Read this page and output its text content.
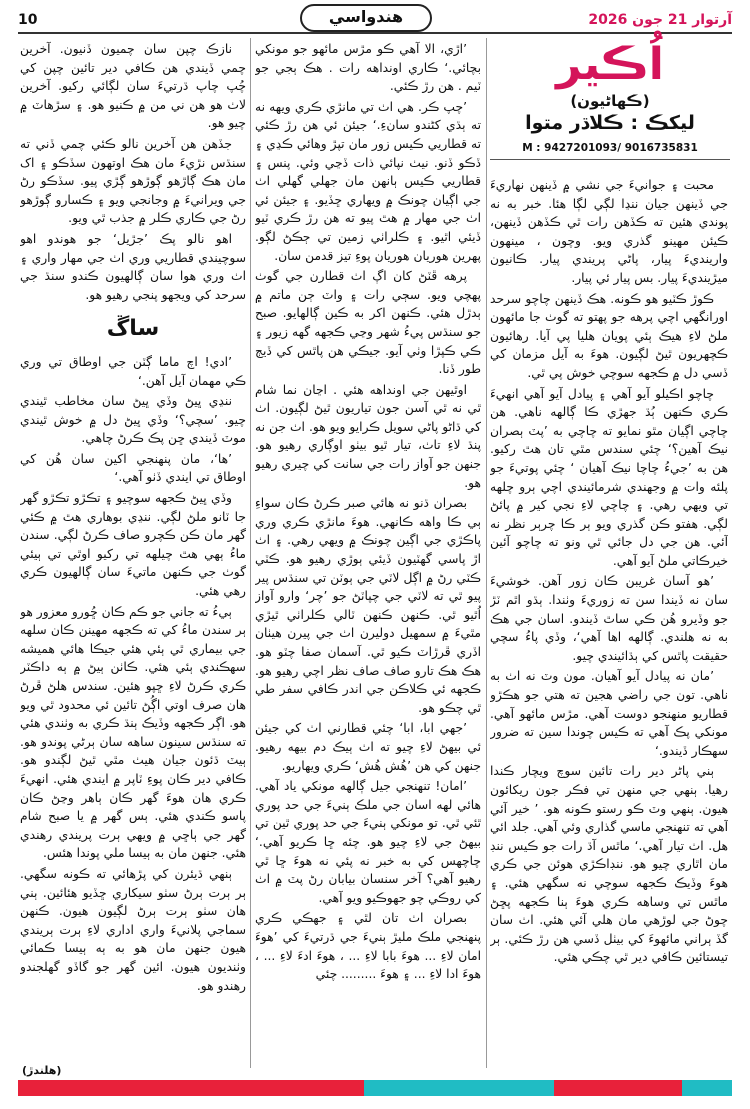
10	هندواسي	آرتوار 21 جون 2026
اُڪير
(ڪهاڻيون)
ليکڪ : ڪلاڌر متوا
M : 9427201093/ 9016735831

محبت ۽ جوانيءَ جي نشي ۾ ڏينهن نهاريءَ جي ڏينهن جيان ننڍا لڳي لڳا هئا. خبر به نه پوندي هئين ته ڪڏهن رات ٿي ڪڏهن ڏينهن، ڪيئن مهينو گذري ويو. وچون ، مينهون وارينديءَ پيار، پاڻي پريندي پيار. ڪانيون ميڙينديءَ پيار. بس پيار ئي پيار.

ڪوڙ ڪٽيو هو ڪونه. هڪ ڏينهن چاچو سرحد اورانگهي اچي پرهه جو پهتو ته گوٺ جا مائهون ملڻ لاءِ هيڪ ٻئي پويان هليا پي آيا. رهائيون ڪچهريون ٿيڻ لڳيون. هوءَ به آيل مزمان کي ڏسي دل ۾ ڪجهه سوچي خوش پي ٿي.

چاچو اڪيلو آيو آهي ۽ پيادل آيو آهي انهيءَ ڪري ڪنهن ٻُڌ جهڙي ڪا ڳالهه ناهي. هن چاچي اڳيان مٿو نمايو ته چاچي به ’پٽ ٻصران نيڪ آهين؟‘ چئي سندس مٿي تان هٿ رکيو. هن به ’جيءُ چاچا نيڪ آهيان ‘ چئي پوتيءَ جو پلئه وات ۾ وجهندي شرمائيندي اچي ٻرو چلهه تي ويهي رهي. ۽ چاچي لاءِ نجي کير ۾ پائڻ لڳي. هفتو ڪن گذري ويو ٻر ڪا چرٻر نظر نه آئي. هن جي دل جائي ٿي ونو ته چاچو آئين خيرڪاتي ملڻ آيو آهي.

’هو آسان غريبن ڪان زور آهن. خوشيءَ سان نه ڏيندا سن ته زوريءَ وٺندا. ٻڌو اٿم ٽڙ جو وڏيرو هُن ڪي ساٿ ڏيندو. اسان جي هڪ به نه هلندي. ڳالهه اها آهي‘، وڏي پاءُ سچي حقيقت پاٿس کي ٻڌائيندي چيو.

’مان نه پيادل آيو آهيان. مون وٽ نه اٺ به ناهي. تون جي راضي هجين ته هتي جو هڪڙو قطاريو منهنجو دوست آهي. مڙس مائهو آهي. مونکي پڪ آهي ته ڪيس چوندا سين ته ضرور سهڪار ڏيندو.‘

ٻني پاڻر دير رات تائين سوچ ويچار ڪندا رهيا. ٻنهي جي منهن تي فڪر جون ريکائون هيون. ٻنهي وٽ ڪو رستو ڪونه هو. ’ خير آئي آهي ته تنهنجي ماسي گذاري وئي آهي. جلد ائي هل. اٺ تيار آهي.‘ ماٿس آڌ رات جو ڪيس ننڊ مان اٿاري چيو هو. ننڊاڪڙي هوئن جي ڪري هوءَ وڏيڪ ڪجهه سوچي نه سگهي هئي. ۽ ماٿس تي وساهه ڪري هوءَ ٻنا ڪجهه پڇڻ چوڻ جي لوڙهي مان هلي آئي هئي. اٺ سان گڏ ٻراني مائهوءَ کي بيٺل ڏسي هن رڙ ڪئي. ٻر تيستائين ڪافي دير ٿي چڪي هئي.

’اڙي، الا آهي ڪو مڙس مائهو جو مونکي بچائي.‘ ڪاري اونداهه رات . هڪ ٻجي جو ٽيم . هن رڙ ڪئي.

’چپ ڪر. هي اٺ تي مانڙي ڪري ويهه نه ته ٻڌي کڻندو سانءِ.‘ جيئن ئي هن رڙ ڪئي ته قطاريي ڪيس زور مان تپڙ وهائي ڪڍي ۽ ڏڪو ڏنو. نيٺ نپائي ذات ڏڃي وئي. پنس ۽ قطاريي ڪيس ٻانهن مان جهلي گهلي اٺ جي اڳيان چونڪ ۾ ويهاري ڇڏيو. ۽ جيئن ئي اٺ جي مهار ۾ هٿ پيو ته هن رڙ ڪري ٽيو ڏيئي اٿيو. ۽ ڪلراٺي زمين تي ڄڪڻ لڳو. پهرين هوريان هوريان پوءِ تيز قدمن سان.

پرهه ڦٽڻ کان اڳ اٺ قطارن جي گوٺ پهچي ويو. سڄي رات ۽ واٽ ڄن ماتم ۾ ٻدڙل هئي. ڪنهن اکر به ڪين ڳالهايو. صبح جو سنڌس پيءُ شهر وڃي ڪجهه گهه زيور ۽ ڪي ڪپڙا وٺي آيو. جيڪي هن پاٿس کي ڏيڄ طور ڏنا.

اوٿيهن جي اونداهه هئي . اڃان نما شام ٿي نه ٿي آسن جون تياريون ٿيڻ لڳيون. اٺ کي ڌاڻو پاڻي سويل ڪرايو ويو هو. اٺ جن نه پنڌ لاءِ تاٺ، تيار ٿيو بيٺو اوڳاري رهيو هو. جنهن جو آواز رات جي سانت کي چيري رهيو هو.

بصران ڌنو نه هائي صبر ڪرڻ ڪان سواءِ ٻي ڪا واهه ڪانهي. هوءَ مانڙي ڪري وري پاڪڙي جي اڳين چونڪ ۾ ويهي رهي. ۽ اٺ اڙ پاسي گهٽيون ڏيئي ٻوڙي رهيو هو. ڪٽي ڪٽي رڻ ۾ اڳل لاٽي جي ٻوٽن تي سنڌس پير پيو ٿي ته لاٽي جي چپاٽڻ جو ’چر‘ وارو آواز اُٿيو ٿي. ڪنهن ڪنهن ٽالي ڪلراٺي ٿيڙي مٿيءَ ۾ سمهيل دوليرن اٺ جي پيرن هيٺان اڏري ڦرڙاٽ ڪيو ٿي. آسمان صفا چٽو هو. هڪ هڪ تارو صاف صاف نظر اچي رهيو هو. ڪجهه ئي ڪلاڪن جي اندر ڪافي سفر طي ٿي چڪو هو.

’جهي ابا، ابا‘ چئي قطارني اٺ کي جيئن ئي بيهڻ لاءِ چيو ته اٺ ٻيڪ دم بيهه رهيو. جنهن کي هن ’هُش هُش‘ ڪري ويهاريو.

’امان! تنهنجي جيل ڳالهه مونکي ياد آهي. هائي لهه اسان جي ملڪ ٻنيءَ جي حد پوري ٿئي ٿي. تو مونکي ٻنيءَ جي حد پوري ٿين تي بيهڻ جي لاءِ چيو هو. چئه ڇا ڪريو آهي.‘ چاچهس کي به خبر نه پئي نه هوءَ ڇا ٿي رهيو آهي؟ آخر سنسان بيابان رڻ پٽ ۾ اٺ کي روڪي چو جهوڪيو ويو آهي.

بصران اٺ تان لٿي ۽ جهڪي ڪري پنهنجي ملڪ مليڙ ٻنيءَ جي ڌرتيءَ کي ’هوءَ امان لاءِ ... هوءَ بابا لاءِ ... ، هوءَ ادءَ لاءِ ... ، هوءَ ادا لاءِ ... ۽ هوءَ ......... چئي

نازڪ چپن سان چميون ڏنيون. آخرين چمي ڏيندي هن ڪافي دير تائين چپن کي چُپ چاپ ڌرتيءَ سان لڳائي رکيو. آخرين لاٺ هو هن ني من ۾ ڪنيو هو. ۽ سڙهاٽ ۾ چيو هو.

جڏهن هن آخرين نالو ڪئي چمي ڏني ته سنڌس نڙيءَ مان هڪ اوتهون سڏڪو ۽ اک مان هڪ ڳاڙهو ڳوڙهو ڳڙي پيو. سڏڪو رڻ جي ويرانيءَ ۾ وجانجي ويو ۽ ڪسارو ڳوڙهو رڻ جي ڪاري ڪلر ۾ جذب ٿي ويو.

اهو نالو پڪ ’جڙيل‘ جو هوندو اهو سوچيندي قطاريي وري اٺ جي مهار واري ۽ اٺ وري هوا سان ڳالهيون ڪندو سنڌ جي سرحد کي ويجهو پنجي رهيو هو.

ساڱ

’ادي! اچ ماما ڳٽن جي اوطاق تي وري ڪي مهمان آيل آهن.‘

ننڍي ڀيڻ وڏي ڀيڻ سان مخاطب ٿيندي چيو. ’سچي؟‘ وڏي ڀيڻ دل ۾ خوش ٿيندي موٽ ڏيندي ڇن پڪ ڪرڻ چاهي.

’ها‘، مان پنهنجي اکين سان هُن کي اوطاق تي ايندي ڏٺو آهي.‘

وڏي ڀيڻ ڪجهه سوچيو ۽ تڪڙو تڪڙو گهر جا ٽانو ملڻ لڳي. ننڍي بوهاري هٿ ۾ ڪئي گهر مان ڪن ڪچرو صاف ڪرڻ لڳي. سندن ماءُ ٻهي هٿ چيلهه تي رکيو اوٿي تي ٻيئي گوٺ جي ڪنهن ماتيءَ سان ڳالهيون ڪري رهي هئي.

ٻيءُ ته جاني جو ڪم ڪان ڇُورو معزور هو ٻر سندن ماءُ کي ته ڪجهه مهينن ڪان سلهه جي بيماري ٿي ٻئي هئي جيڪا هائي هميشه سهڪندي ٻئي هئي. ڪاٺن ٻيڻ ۾ ٻه داڪٽر ڪري ڪرڻ لاءِ ڇپو هئين. سندس هلڻ ڦرڻ هان صرف اوتي اڳُڻ تائين ئي محدود ٿي ويو هو. اڳر ڪجهه وڏيڪ ٻنڌ ڪري به وٺندي هئي ته سنڌس سينون ساهه سان ٻرڻي پوندو هو. ٻيٽ ڌئون جيان هيٺ مٿي ٿيڻ لڳندو هو. ڪافي دير ڪان پوءِ ٽاپر ۾ ايندي هئي. انهيءَ ڪري هان هوءَ گهر ڪان ٻاهر وڃڻ ڪان پاسو ڪندي هئي. ٻس گهر ۾ يا صبح شام گهر جي ٻاڇي ۾ ويهي ٻرت پريندي رهندي هئي. جنهن مان به ٻيسا ملي پوندا هئس.

ٻنهي ڌيئرن کي پڙهائي ته ڪونه سگهي. ٻر ٻرت ٻرڻ سٺو سيکاري ڇڏيو هئائين. ٻني هان سٺو ٻرت ٻرڻ لڳيون هيون. ڪنهن سماجي پلانيءَ واري اداري لاءِ ٻرت ٻريندي هيون جنهن مان هو به ٻه ٻيسا ڪمائي وٺنديون هيون. ائين گهر جو گاڏو گهلجندو رهندو هو.

(هلندڙ)
